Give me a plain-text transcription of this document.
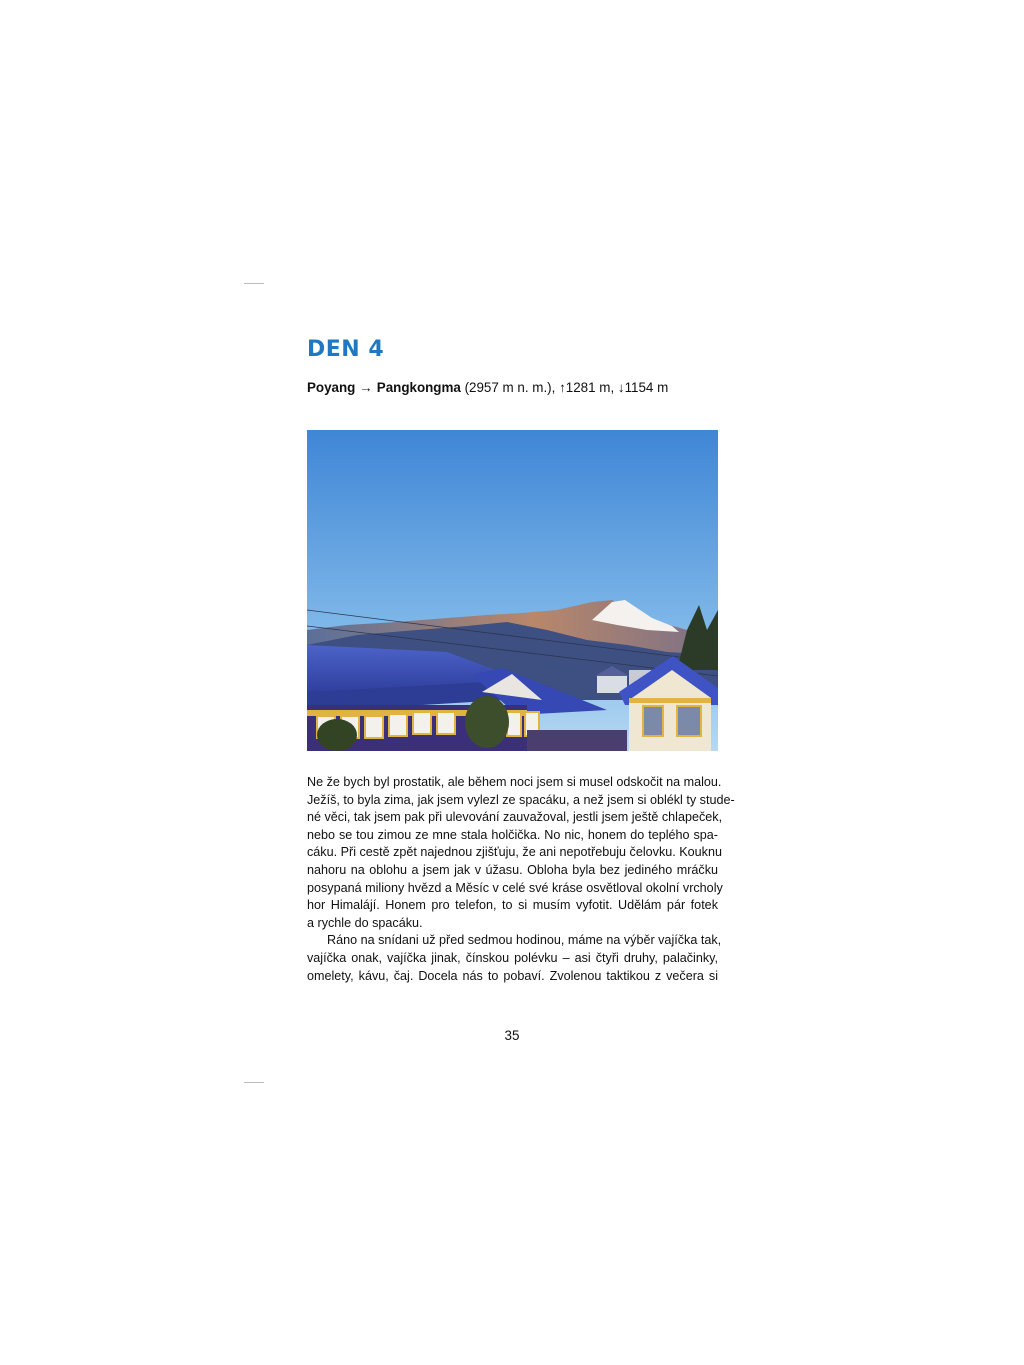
DEN 4
Poyang → Pangkongma (2957 m n. m.), ↑1281 m, ↓1154 m
Ne že bych byl prostatik, ale během noci jsem si musel odskočit na malou.
Ježíš, to byla zima, jak jsem vylezl ze spacáku, a než jsem si oblékl ty stude-
né věci, tak jsem pak při ulevování zauvažoval, jestli jsem ještě chlapeček,
nebo se tou zimou ze mne stala holčička. No nic, honem do teplého spa-
cáku. Při cestě zpět najednou zjišťuju, že ani nepotřebuju čelovku. Kouknu
nahoru na oblohu a jsem jak v úžasu. Obloha byla bez jediného mráčku
posypaná miliony hvězd a Měsíc v celé své kráse osvětloval okolní vrcholy
hor Himalájí. Honem pro telefon, to si musím vyfotit. Udělám pár fotek
a rychle do spacáku.
Ráno na snídani už před sedmou hodinou, máme na výběr vajíčka tak,
vajíčka onak, vajíčka jinak, čínskou polévku – asi čtyři druhy, palačinky,
omelety, kávu, čaj. Docela nás to pobaví. Zvolenou taktikou z večera si
35
